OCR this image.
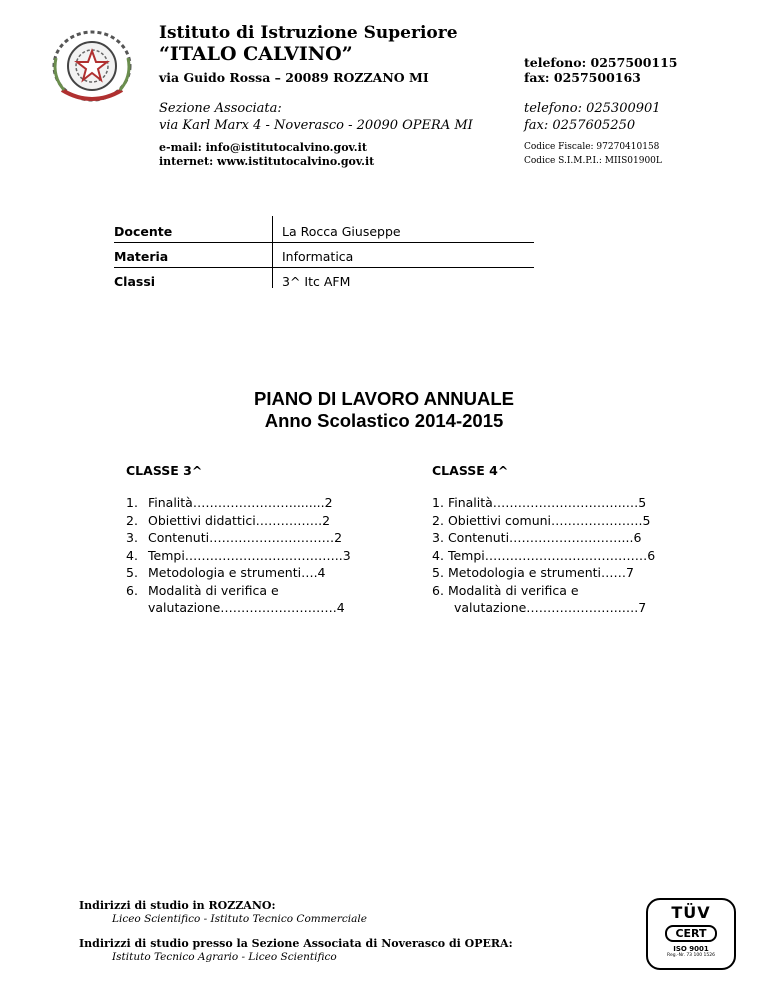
Istituto di Istruzione Superiore
“ITALO CALVINO”
via Guido Rossa – 20089 ROZZANO MI
telefono: 0257500115
fax: 0257500163
Sezione Associata:
via Karl Marx 4 - Noverasco - 20090 OPERA MI
telefono: 025300901
fax: 0257605250
e-mail: info@istitutocalvino.gov.it
internet: www.istitutocalvino.gov.it
Codice Fiscale: 97270410158
Codice S.I.M.P.I.: MIIS01900L
Docente	La Rocca Giuseppe
Materia	Informatica
Classi	3^ Itc AFM
PIANO DI LAVORO ANNUALE
Anno Scolastico 2014-2015
CLASSE 3^
1. Finalità……………………........2
2. Obiettivi didattici…………….2
3. Contenuti…………………………2
4. Tempi………………………………..3
5. Metodologia e strumenti….4
6. Modalità di verifica e
valutazione……………………….4
CLASSE 4^
1. Finalità…………………………..…5
2. Obiettivi comuni………………….5
3. Contenuti………………………...6
4. Tempi…………………………………6
5. Metodologia e strumenti……7
6. Modalità di verifica e
valutazione…………………..….7
Indirizzi di studio in ROZZANO:
Liceo Scientifico - Istituto Tecnico Commerciale
Indirizzi di studio presso la Sezione Associata di Noverasco di OPERA:
Istituto Tecnico Agrario - Liceo Scientifico
TÜV
CERT
ISO 9001
Reg.-Nr. 73 100 1526
